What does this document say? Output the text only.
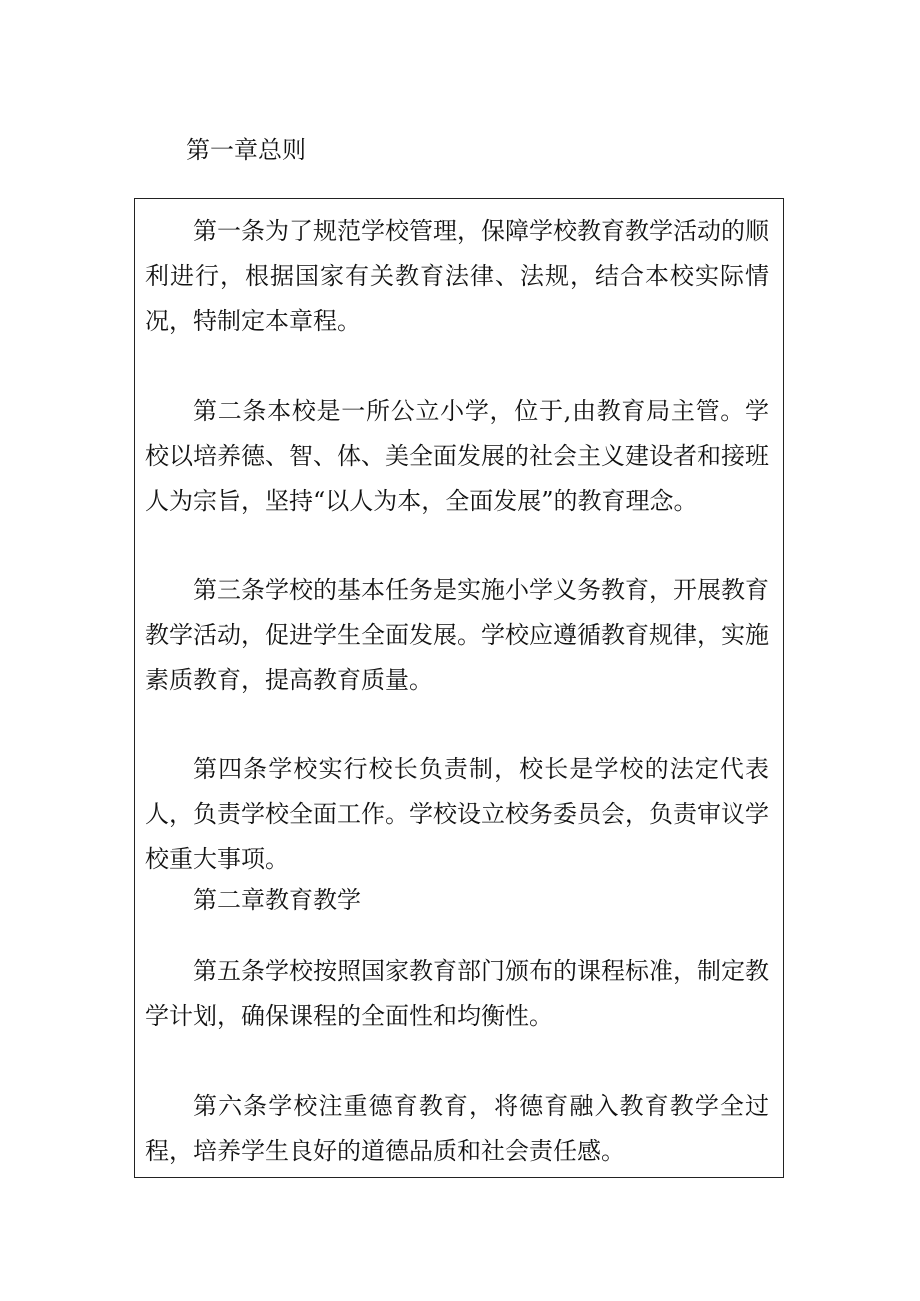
第一章总则

第一条为了规范学校管理，保障学校教育教学活动的顺利进行，根据国家有关教育法律、法规，结合本校实际情况，特制定本章程。

第二条本校是一所公立小学，位于,由教育局主管。学校以培养德、智、体、美全面发展的社会主义建设者和接班人为宗旨，坚持“以人为本，全面发展”的教育理念。

第三条学校的基本任务是实施小学义务教育，开展教育教学活动，促进学生全面发展。学校应遵循教育规律，实施素质教育，提高教育质量。

第四条学校实行校长负责制，校长是学校的法定代表人，负责学校全面工作。学校设立校务委员会，负责审议学校重大事项。

第二章教育教学

第五条学校按照国家教育部门颁布的课程标准，制定教学计划，确保课程的全面性和均衡性。

第六条学校注重德育教育，将德育融入教育教学全过程，培养学生良好的道德品质和社会责任感。
